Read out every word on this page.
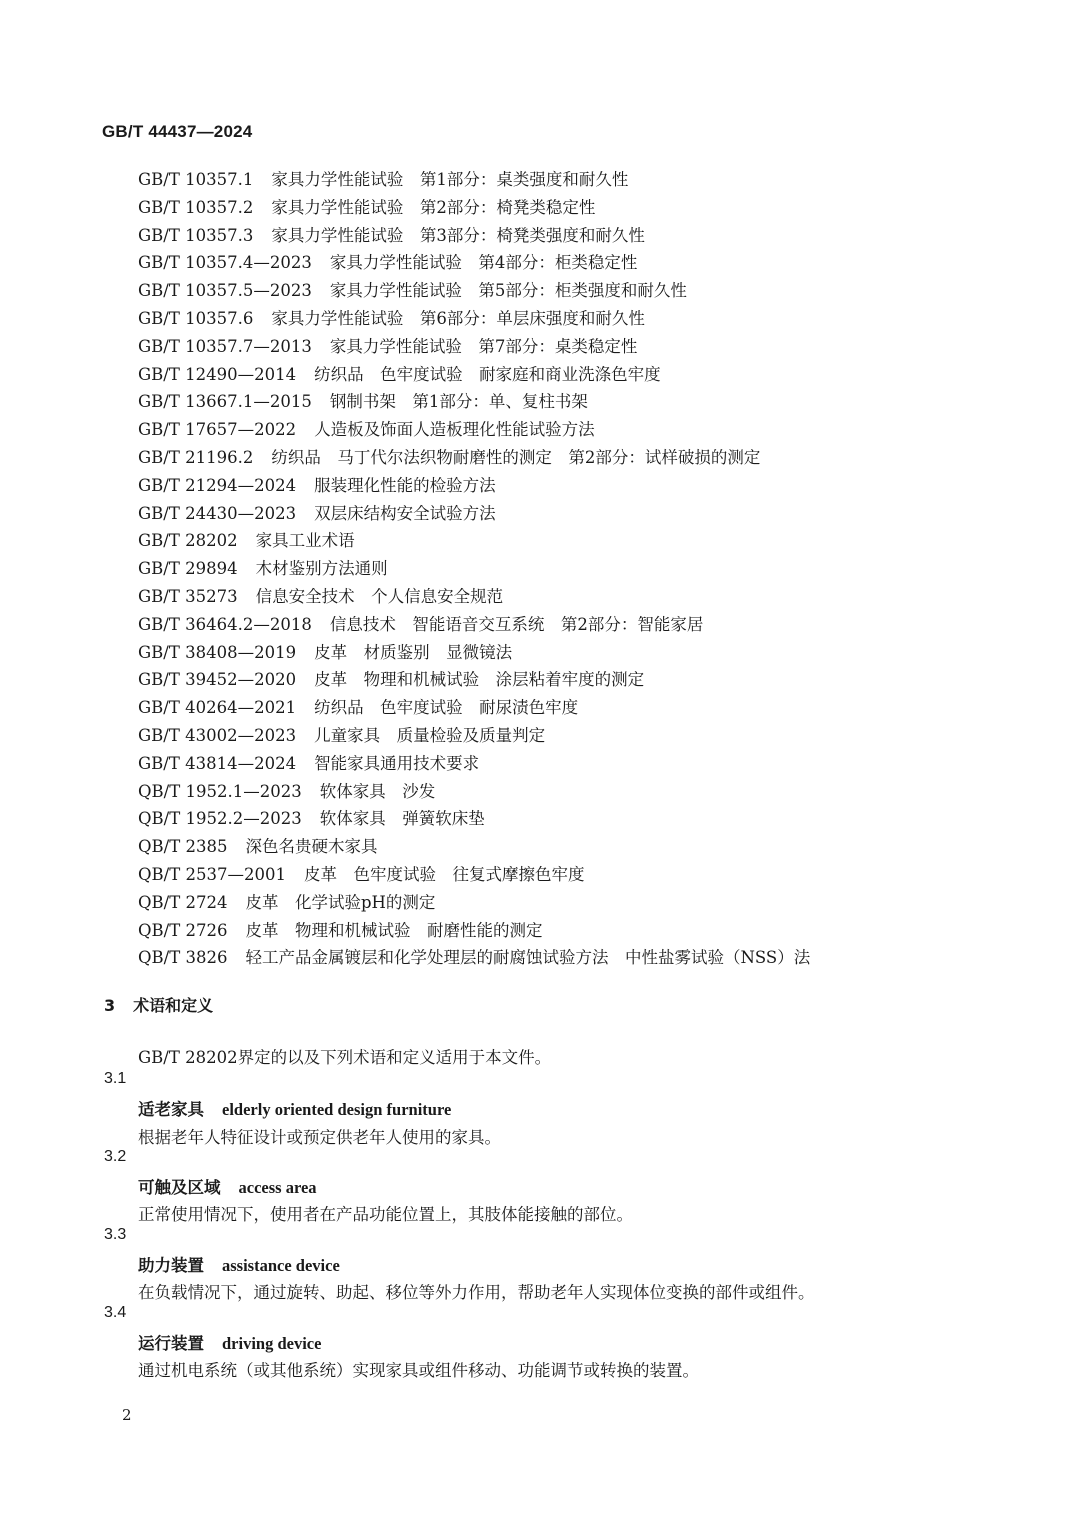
GB/T 44437—2024
GB/T 10357.1 家具力学性能试验　第1部分：桌类强度和耐久性
GB/T 10357.2 家具力学性能试验　第2部分：椅凳类稳定性
GB/T 10357.3 家具力学性能试验　第3部分：椅凳类强度和耐久性
GB/T 10357.4—2023 家具力学性能试验　第4部分：柜类稳定性
GB/T 10357.5—2023 家具力学性能试验　第5部分：柜类强度和耐久性
GB/T 10357.6 家具力学性能试验　第6部分：单层床强度和耐久性
GB/T 10357.7—2013 家具力学性能试验　第7部分：桌类稳定性
GB/T 12490—2014 纺织品　色牢度试验　耐家庭和商业洗涤色牢度
GB/T 13667.1—2015 钢制书架　第1部分：单、复柱书架
GB/T 17657—2022 人造板及饰面人造板理化性能试验方法
GB/T 21196.2 纺织品　马丁代尔法织物耐磨性的测定　第2部分：试样破损的测定
GB/T 21294—2024 服装理化性能的检验方法
GB/T 24430—2023 双层床结构安全试验方法
GB/T 28202 家具工业术语
GB/T 29894 木材鉴别方法通则
GB/T 35273 信息安全技术　个人信息安全规范
GB/T 36464.2—2018 信息技术　智能语音交互系统　第2部分：智能家居
GB/T 38408—2019 皮革　材质鉴别　显微镜法
GB/T 39452—2020 皮革　物理和机械试验　涂层粘着牢度的测定
GB/T 40264—2021 纺织品　色牢度试验　耐尿渍色牢度
GB/T 43002—2023 儿童家具　质量检验及质量判定
GB/T 43814—2024 智能家具通用技术要求
QB/T 1952.1—2023 软体家具　沙发
QB/T 1952.2—2023 软体家具　弹簧软床垫
QB/T 2385 深色名贵硬木家具
QB/T 2537—2001 皮革　色牢度试验　往复式摩擦色牢度
QB/T 2724 皮革　化学试验pH的测定
QB/T 2726 皮革　物理和机械试验　耐磨性能的测定
QB/T 3826 轻工产品金属镀层和化学处理层的耐腐蚀试验方法　中性盐雾试验（NSS）法
3 术语和定义
GB/T 28202界定的以及下列术语和定义适用于本文件。
3.1
适老家具 elderly oriented design furniture
根据老年人特征设计或预定供老年人使用的家具。
3.2
可触及区域 access area
正常使用情况下，使用者在产品功能位置上，其肢体能接触的部位。
3.3
助力装置 assistance device
在负载情况下，通过旋转、助起、移位等外力作用，帮助老年人实现体位变换的部件或组件。
3.4
运行装置 driving device
通过机电系统（或其他系统）实现家具或组件移动、功能调节或转换的装置。
2
